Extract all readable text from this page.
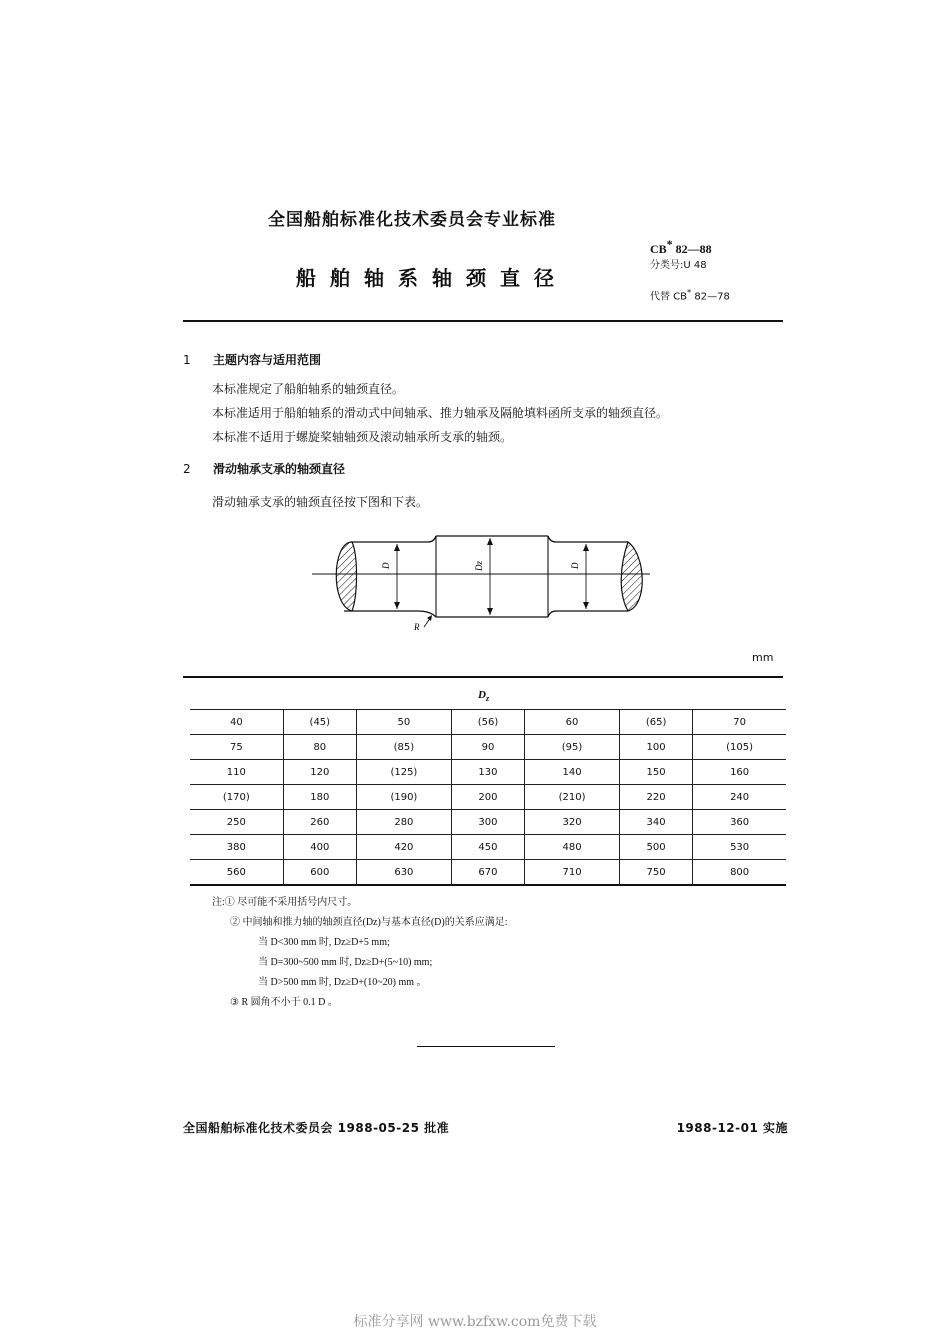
全国船舶标准化技术委员会专业标准
船舶轴系轴颈直径
CB* 82—88
分类号:U 48
代替 CB* 82—78
1 主题内容与适用范围
本标准规定了船舶轴系的轴颈直径。
本标准适用于船舶轴系的滑动式中间轴承、推力轴承及隔舱填料函所支承的轴颈直径。
本标准不适用于螺旋桨轴轴颈及滚动轴承所支承的轴颈。
2 滑动轴承支承的轴颈直径
滑动轴承支承的轴颈直径按下图和下表。
D	Dz	D
R
mm
$D_z$
40	(45)	50	(56)	60	(65)	70
75	80	(85)	90	(95)	100	(105)
110	120	(125)	130	140	150	160
(170)	180	(190)	200	(210)	220	240
250	260	280	300	320	340	360
380	400	420	450	480	500	530
560	600	630	670	710	750	800
注:① 尽可能不采用括号内尺寸。
② 中间轴和推力轴的轴颈直径(Dz)与基本直径(D)的关系应满足:
当 D<300 mm 时, Dz≥D+5 mm;
当 D=300~500 mm 时, Dz≥D+(5~10) mm;
当 D>500 mm 时, Dz≥D+(10~20) mm 。
③ R 圆角不小于 0.1 D 。
全国船舶标准化技术委员会 1988-05-25 批准	1988-12-01 实施
标准分享网 www.bzfxw.com免费下载
